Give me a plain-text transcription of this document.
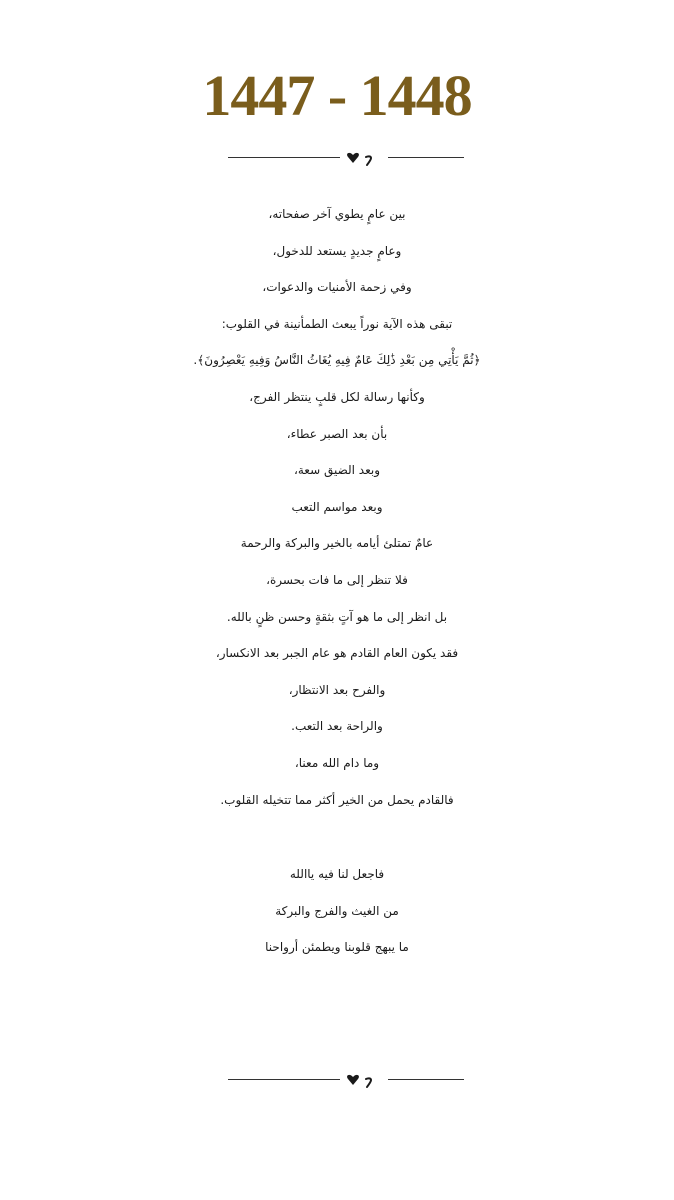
1447 - 1448
بين عامٍ يطوي آخر صفحاته،
وعامٍ جديدٍ يستعد للدخول،
وفي زحمة الأمنيات والدعوات،
تبقى هذه الآية نوراً يبعث الطمأنينة في القلوب:
﴿ثُمَّ يَأْتِي مِن بَعْدِ ذَٰلِكَ عَامٌ فِيهِ يُغَاثُ النَّاسُ وَفِيهِ يَعْصِرُونَ﴾.
وكأنها رسالة لكل قلبٍ ينتظر الفرج،
بأن بعد الصبر عطاء،
وبعد الضيق سعة،
وبعد مواسم التعب
عامٌ تمتلئ أيامه بالخير والبركة والرحمة
فلا تنظر إلى ما فات بحسرة،
بل انظر إلى ما هو آتٍ بثقةٍ وحسن ظنٍ بالله.
فقد يكون العام القادم هو عام الجبر بعد الانكسار،
والفرح بعد الانتظار،
والراحة بعد التعب.
وما دام الله معنا،
فالقادم يحمل من الخير أكثر مما تتخيله القلوب.
فاجعل لنا فيه ياالله
من الغيث والفرج والبركة
ما يبهج قلوبنا ويطمئن أرواحنا
